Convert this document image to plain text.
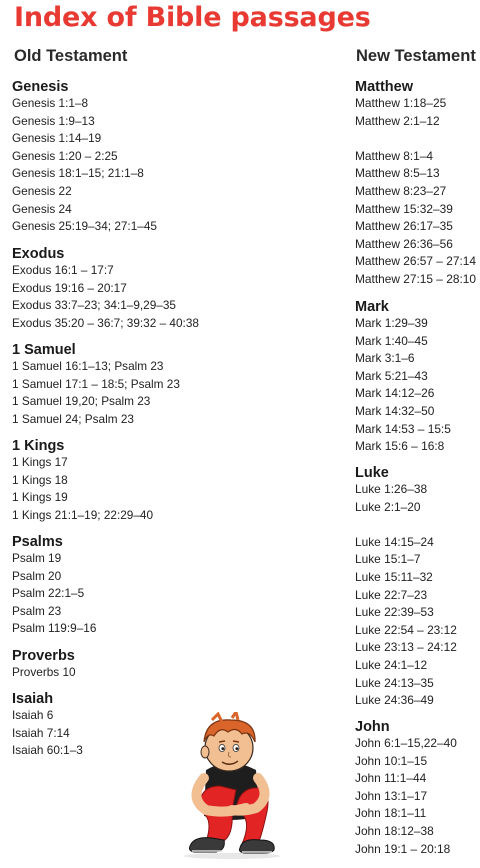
Index of Bible passages
Old Testament
Genesis
Genesis 1:1–8
Genesis 1:9–13
Genesis 1:14–19
Genesis 1:20 – 2:25
Genesis 18:1–15; 21:1–8
Genesis 22
Genesis 24
Genesis 25:19–34; 27:1–45
Exodus
Exodus 16:1 – 17:7
Exodus 19:16 – 20:17
Exodus 33:7–23; 34:1–9,29–35
Exodus 35:20 – 36:7; 39:32 – 40:38
1 Samuel
1 Samuel 16:1–13; Psalm 23
1 Samuel 17:1 – 18:5; Psalm 23
1 Samuel 19,20; Psalm 23
1 Samuel 24; Psalm 23
1 Kings
1 Kings 17
1 Kings 18
1 Kings 19
1 Kings 21:1–19; 22:29–40
Psalms
Psalm 19
Psalm 20
Psalm 22:1–5
Psalm 23
Psalm 119:9–16
Proverbs
Proverbs 10
Isaiah
Isaiah 6
Isaiah 7:14
Isaiah 60:1–3
New Testament
Matthew
Matthew 1:18–25
Matthew 2:1–12
Matthew 8:1–4
Matthew 8:5–13
Matthew 8:23–27
Matthew 15:32–39
Matthew 26:17–35
Matthew 26:36–56
Matthew 26:57 – 27:14
Matthew 27:15 – 28:10
Mark
Mark 1:29–39
Mark 1:40–45
Mark 3:1–6
Mark 5:21–43
Mark 14:12–26
Mark 14:32–50
Mark 14:53 – 15:5
Mark 15:6 – 16:8
Luke
Luke 1:26–38
Luke 2:1–20
Luke 14:15–24
Luke 15:1–7
Luke 15:11–32
Luke 22:7–23
Luke 22:39–53
Luke 22:54 – 23:12
Luke 23:13 – 24:12
Luke 24:1–12
Luke 24:13–35
Luke 24:36–49
John
John 6:1–15,22–40
John 10:1–15
John 11:1–44
John 13:1–17
John 18:1–11
John 18:12–38
John 19:1 – 20:18
